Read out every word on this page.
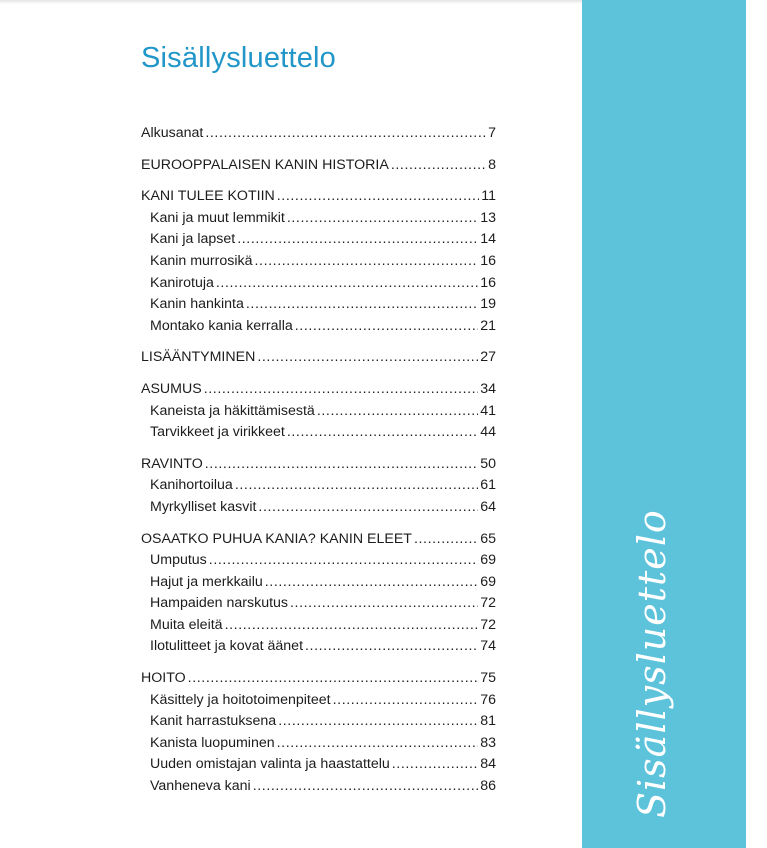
Sisällysluettelo
Alkusanat .....	7
EUROOPPALAISEN KANIN HISTORIA .....	8
KANI TULEE KOTIIN .....	11
Kani ja muut lemmikit .....	13
Kani ja lapset .....	14
Kanin murrosikä .....	16
Kanirotuja .....	16
Kanin hankinta .....	19
Montako kania kerralla .....	21
LISÄÄNTYMINEN .....	27
ASUMUS .....	34
Kaneista ja häkittämisestä .....	41
Tarvikkeet ja virikkeet .....	44
RAVINTO .....	50
Kanihortoilua .....	61
Myrkylliset kasvit .....	64
OSAATKO PUHUA KANIA? KANIN ELEET .....	65
Umputus .....	69
Hajut ja merkkailu .....	69
Hampaiden narskutus .....	72
Muita eleitä .....	72
Ilotulitteet ja kovat äänet .....	74
HOITO .....	75
Käsittely ja hoitotoimenpiteet .....	76
Kanit harrastuksena .....	81
Kanista luopuminen .....	83
Uuden omistajan valinta ja haastattelu .....	84
Vanheneva kani .....	86	Sisällysluettelo
